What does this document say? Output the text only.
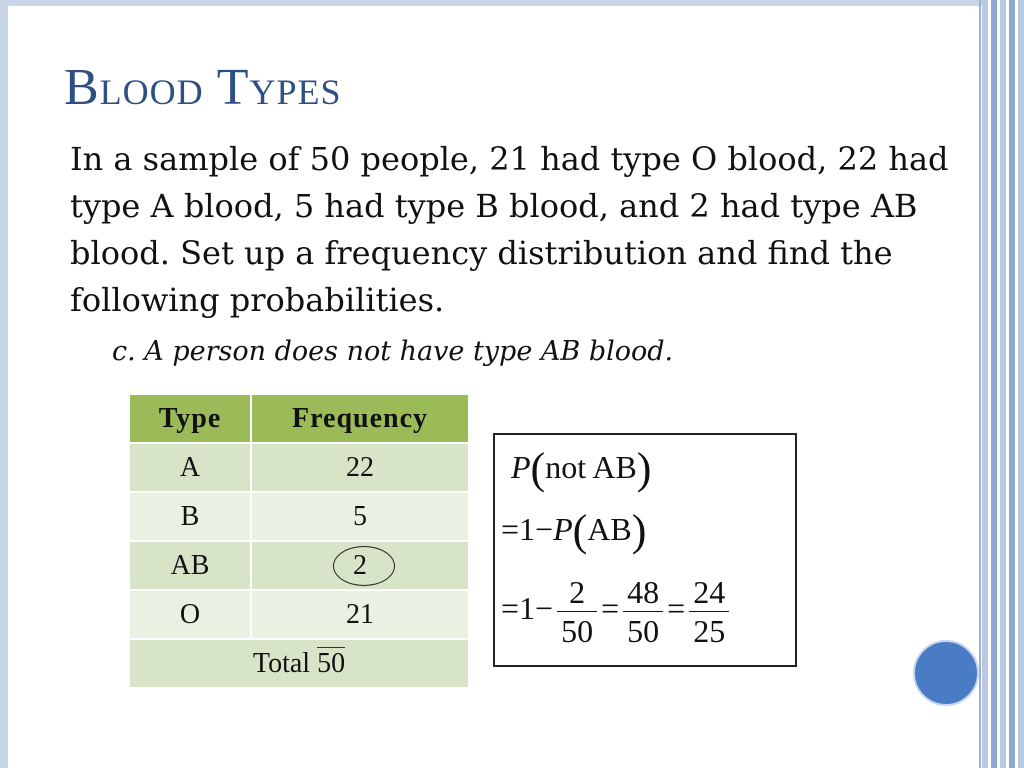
Blood Types
In a sample of 50 people, 21 had type O blood, 22 had type A blood, 5 had type B blood, and 2 had type AB blood. Set up a frequency distribution and find the following probabilities.
c. A person does not have type AB blood.
Type	Frequency
A	22
B	5
AB	2
O	21
Total 50	
P(not AB)
=1−P(AB)
$=1- \frac{2}{50} = \frac{48}{50} = \frac{24}{25}$
